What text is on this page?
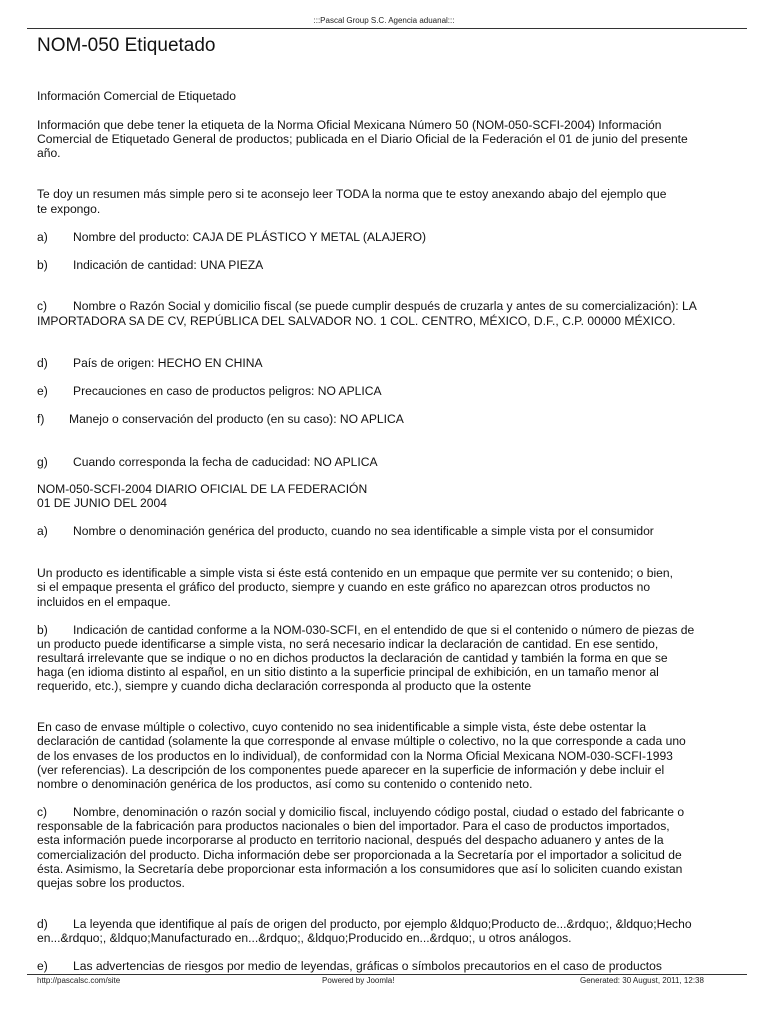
:::Pascal Group S.C. Agencia aduanal:::
NOM-050 Etiquetado
Información Comercial de Etiquetado
Información que debe tener la etiqueta de la Norma Oficial Mexicana Número 50 (NOM-050-SCFI-2004) Información
Comercial de Etiquetado General de productos; publicada en el Diario Oficial de la Federación el 01 de junio del presente
año.
Te doy un resumen más simple pero si te aconsejo leer TODA la norma que te estoy anexando abajo del ejemplo que
te expongo.
a) Nombre del producto: CAJA DE PLÁSTICO Y METAL (ALAJERO)
b) Indicación de cantidad: UNA PIEZA
c) Nombre o Razón Social y domicilio fiscal (se puede cumplir después de cruzarla y antes de su comercialización): LA
IMPORTADORA SA DE CV, REPÚBLICA DEL SALVADOR NO. 1 COL. CENTRO, MÉXICO, D.F., C.P. 00000 MÉXICO.
d) País de origen: HECHO EN CHINA
e) Precauciones en caso de productos peligros: NO APLICA
f) Manejo o conservación del producto (en su caso): NO APLICA
g) Cuando corresponda la fecha de caducidad: NO APLICA
NOM-050-SCFI-2004 DIARIO OFICIAL DE LA FEDERACIÓN
01 DE JUNIO DEL 2004
a) Nombre o denominación genérica del producto, cuando no sea identificable a simple vista por el consumidor
Un producto es identificable a simple vista si éste está contenido en un empaque que permite ver su contenido; o bien,
si el empaque presenta el gráfico del producto, siempre y cuando en este gráfico no aparezcan otros productos no
incluidos en el empaque.
b) Indicación de cantidad conforme a la NOM-030-SCFI, en el entendido de que si el contenido o número de piezas de
un producto puede identificarse a simple vista, no será necesario indicar la declaración de cantidad. En ese sentido,
resultará irrelevante que se indique o no en dichos productos la declaración de cantidad y también la forma en que se
haga (en idioma distinto al español, en un sitio distinto a la superficie principal de exhibición, en un tamaño menor al
requerido, etc.), siempre y cuando dicha declaración corresponda al producto que la ostente
En caso de envase múltiple o colectivo, cuyo contenido no sea inidentificable a simple vista, éste debe ostentar la
declaración de cantidad (solamente la que corresponde al envase múltiple o colectivo, no la que corresponde a cada uno
de los envases de los productos en lo individual), de conformidad con la Norma Oficial Mexicana NOM-030-SCFI-1993
(ver referencias). La descripción de los componentes puede aparecer en la superficie de información y debe incluir el
nombre o denominación genérica de los productos, así como su contenido o contenido neto.
c) Nombre, denominación o razón social y domicilio fiscal, incluyendo código postal, ciudad o estado del fabricante o
responsable de la fabricación para productos nacionales o bien del importador. Para el caso de productos importados,
esta información puede incorporarse al producto en territorio nacional, después del despacho aduanero y antes de la
comercialización del producto. Dicha información debe ser proporcionada a la Secretaría por el importador a solicitud de
ésta. Asimismo, la Secretaría debe proporcionar esta información a los consumidores que así lo soliciten cuando existan
quejas sobre los productos.
d) La leyenda que identifique al país de origen del producto, por ejemplo &ldquo;Producto de...&rdquo;, &ldquo;Hecho
en...&rdquo;, &ldquo;Manufacturado en...&rdquo;, &ldquo;Producido en...&rdquo;, u otros análogos.
e) Las advertencias de riesgos por medio de leyendas, gráficas o símbolos precautorios en el caso de productos
http://pascalsc.com/site	Powered by Joomla!	Generated: 30 August, 2011, 12:38
